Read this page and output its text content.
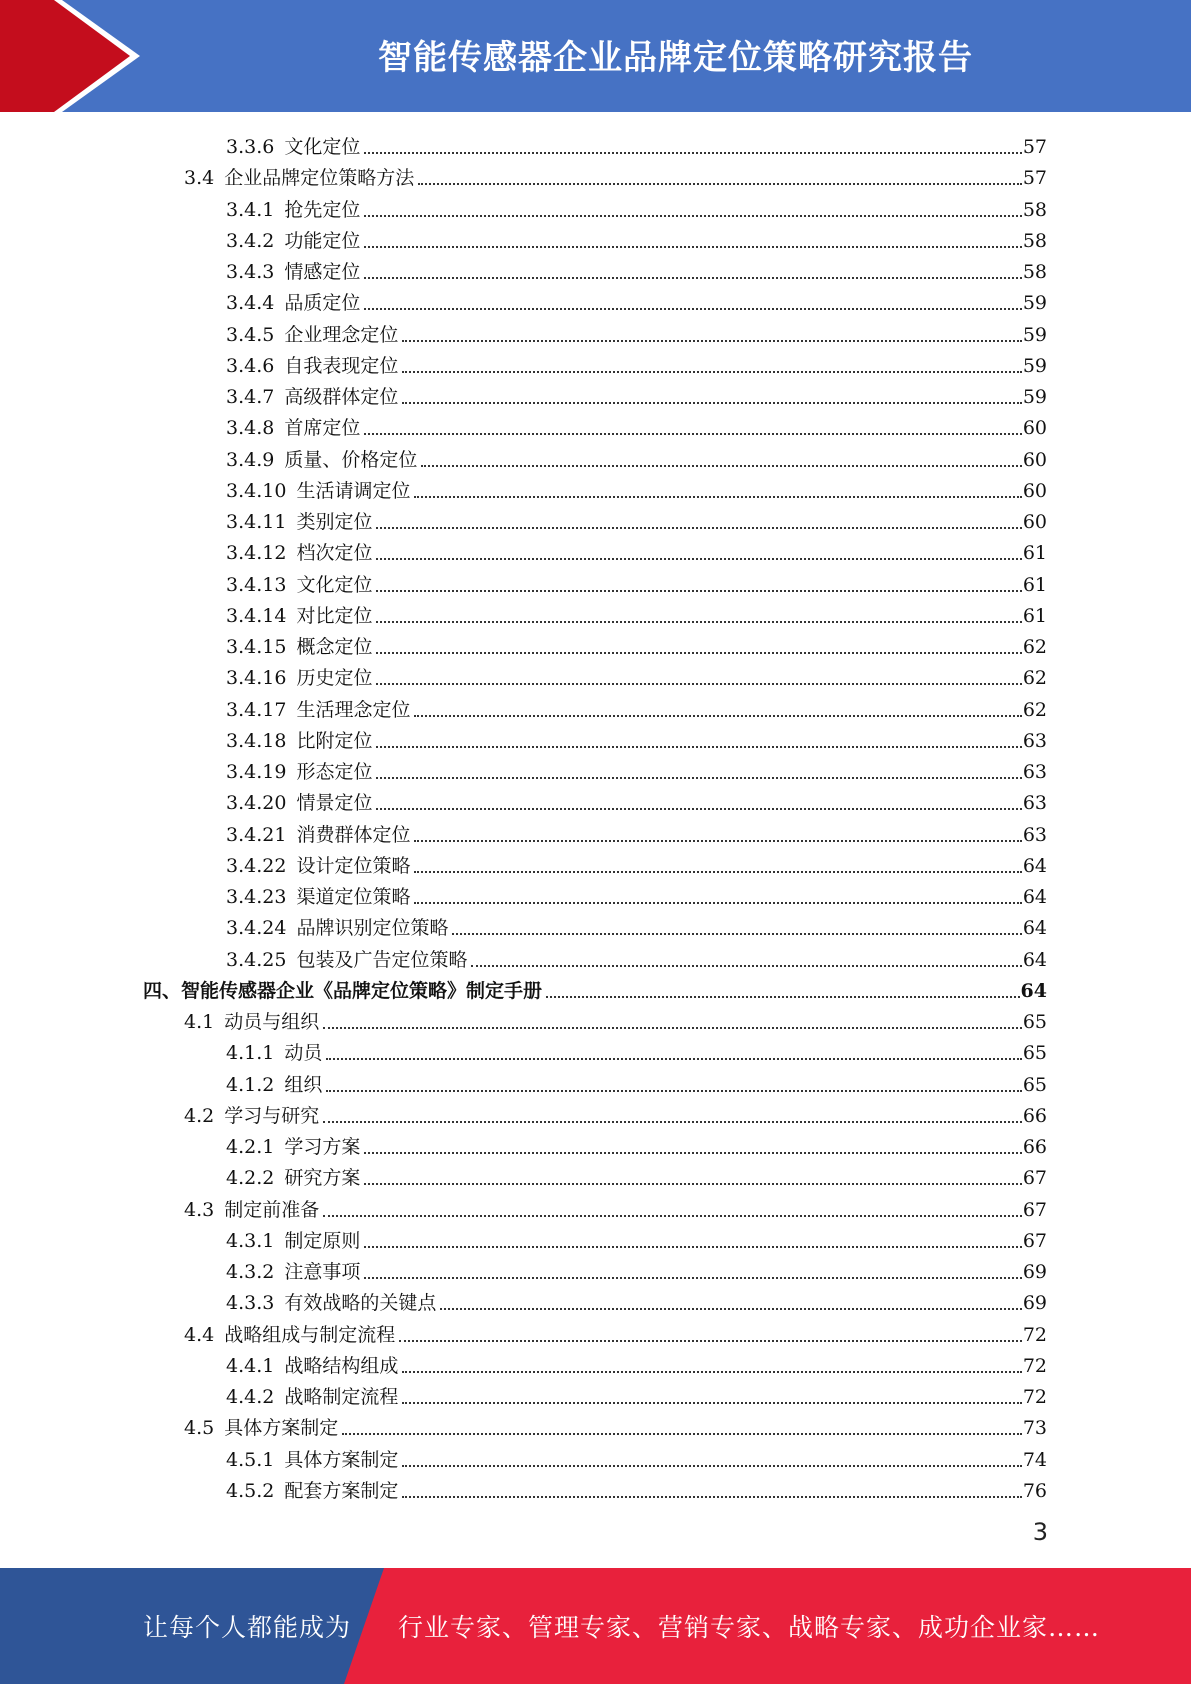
智能传感器企业品牌定位策略研究报告
3.3.6 文化定位	57
3.4 企业品牌定位策略方法	57
3.4.1 抢先定位	58
3.4.2 功能定位	58
3.4.3 情感定位	58
3.4.4 品质定位	59
3.4.5 企业理念定位	59
3.4.6 自我表现定位	59
3.4.7 高级群体定位	59
3.4.8 首席定位	60
3.4.9 质量、价格定位	60
3.4.10 生活请调定位	60
3.4.11 类别定位	60
3.4.12 档次定位	61
3.4.13 文化定位	61
3.4.14 对比定位	61
3.4.15 概念定位	62
3.4.16 历史定位	62
3.4.17 生活理念定位	62
3.4.18 比附定位	63
3.4.19 形态定位	63
3.4.20 情景定位	63
3.4.21 消费群体定位	63
3.4.22 设计定位策略	64
3.4.23 渠道定位策略	64
3.4.24 品牌识别定位策略	64
3.4.25 包装及广告定位策略	64
四、智能传感器企业《品牌定位策略》制定手册	64
4.1 动员与组织	65
4.1.1 动员	65
4.1.2 组织	65
4.2 学习与研究	66
4.2.1 学习方案	66
4.2.2 研究方案	67
4.3 制定前准备	67
4.3.1 制定原则	67
4.3.2 注意事项	69
4.3.3 有效战略的关键点	69
4.4 战略组成与制定流程	72
4.4.1 战略结构组成	72
4.4.2 战略制定流程	72
4.5 具体方案制定	73
4.5.1 具体方案制定	74
4.5.2 配套方案制定	76
3
让每个人都能成为 行业专家、管理专家、营销专家、战略专家、成功企业家……
